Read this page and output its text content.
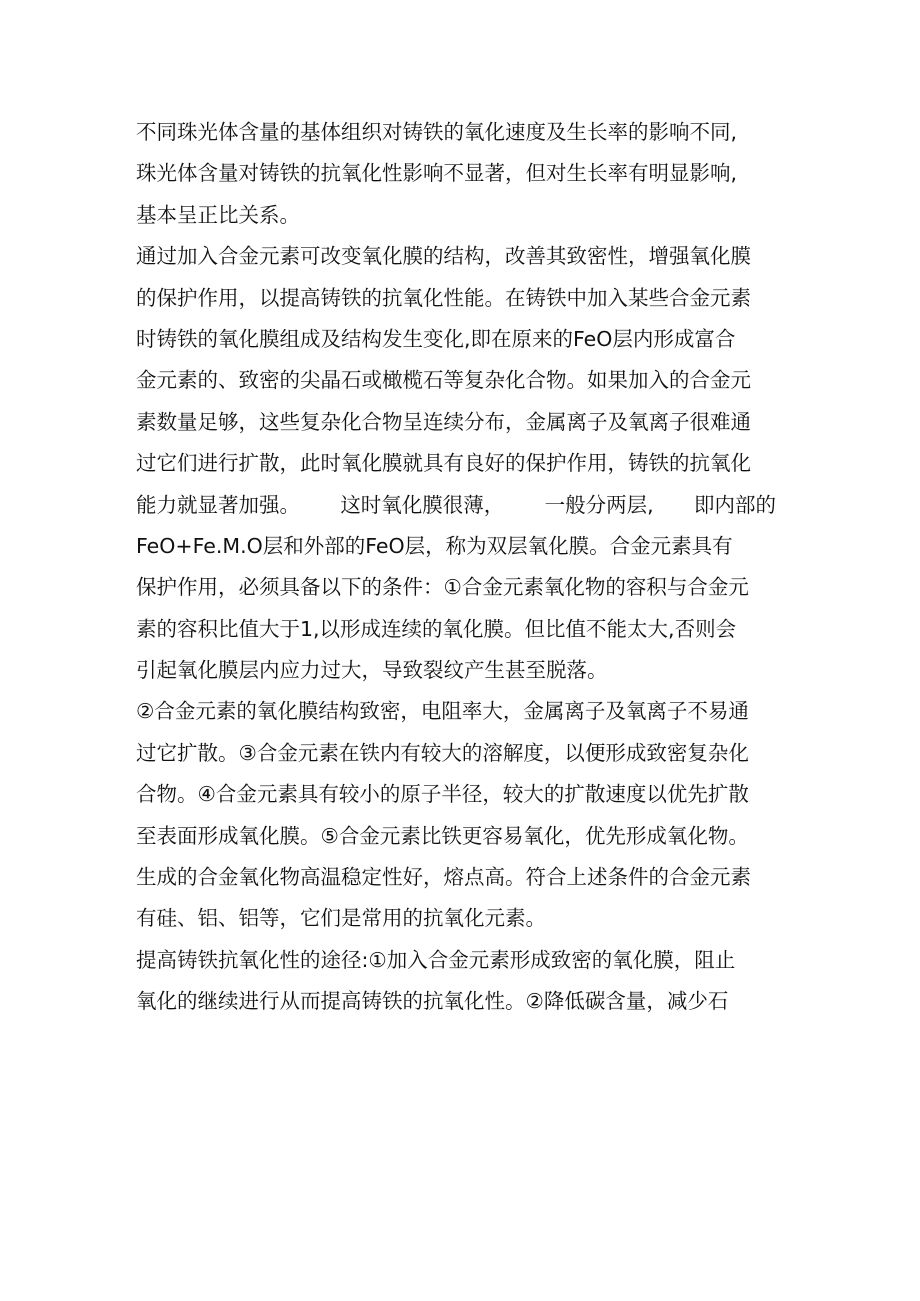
不同珠光体含量的基体组织对铸铁的氧化速度及生长率的影响不同,
珠光体含量对铸铁的抗氧化性影响不显著，但对生长率有明显影响,
基本呈正比关系。
通过加入合金元素可改变氧化膜的结构，改善其致密性，增强氧化膜
的保护作用，以提高铸铁的抗氧化性能。在铸铁中加入某些合金元素
时铸铁的氧化膜组成及结构发生变化,即在原来的FeO层内形成富合
金元素的、致密的尖晶石或橄榄石等复杂化合物。如果加入的合金元
素数量足够，这些复杂化合物呈连续分布，金属离子及氧离子很难通
过它们进行扩散，此时氧化膜就具有良好的保护作用，铸铁的抗氧化
能力就显著加强。 这时氧化膜很薄， 一般分两层, 即内部的
FeO+Fe.M.O层和外部的FeO层，称为双层氧化膜。合金元素具有
保护作用，必须具备以下的条件：①合金元素氧化物的容积与合金元
素的容积比值大于1,以形成连续的氧化膜。但比值不能太大,否则会
引起氧化膜层内应力过大，导致裂纹产生甚至脱落。
②合金元素的氧化膜结构致密，电阻率大，金属离子及氧离子不易通
过它扩散。③合金元素在铁内有较大的溶解度，以便形成致密复杂化
合物。④合金元素具有较小的原子半径，较大的扩散速度以优先扩散
至表面形成氧化膜。⑤合金元素比铁更容易氧化，优先形成氧化物。
生成的合金氧化物高温稳定性好，熔点高。符合上述条件的合金元素
有硅、铝、铝等，它们是常用的抗氧化元素。
提高铸铁抗氧化性的途径:①加入合金元素形成致密的氧化膜，阻止
氧化的继续进行从而提高铸铁的抗氧化性。②降低碳含量，减少石
